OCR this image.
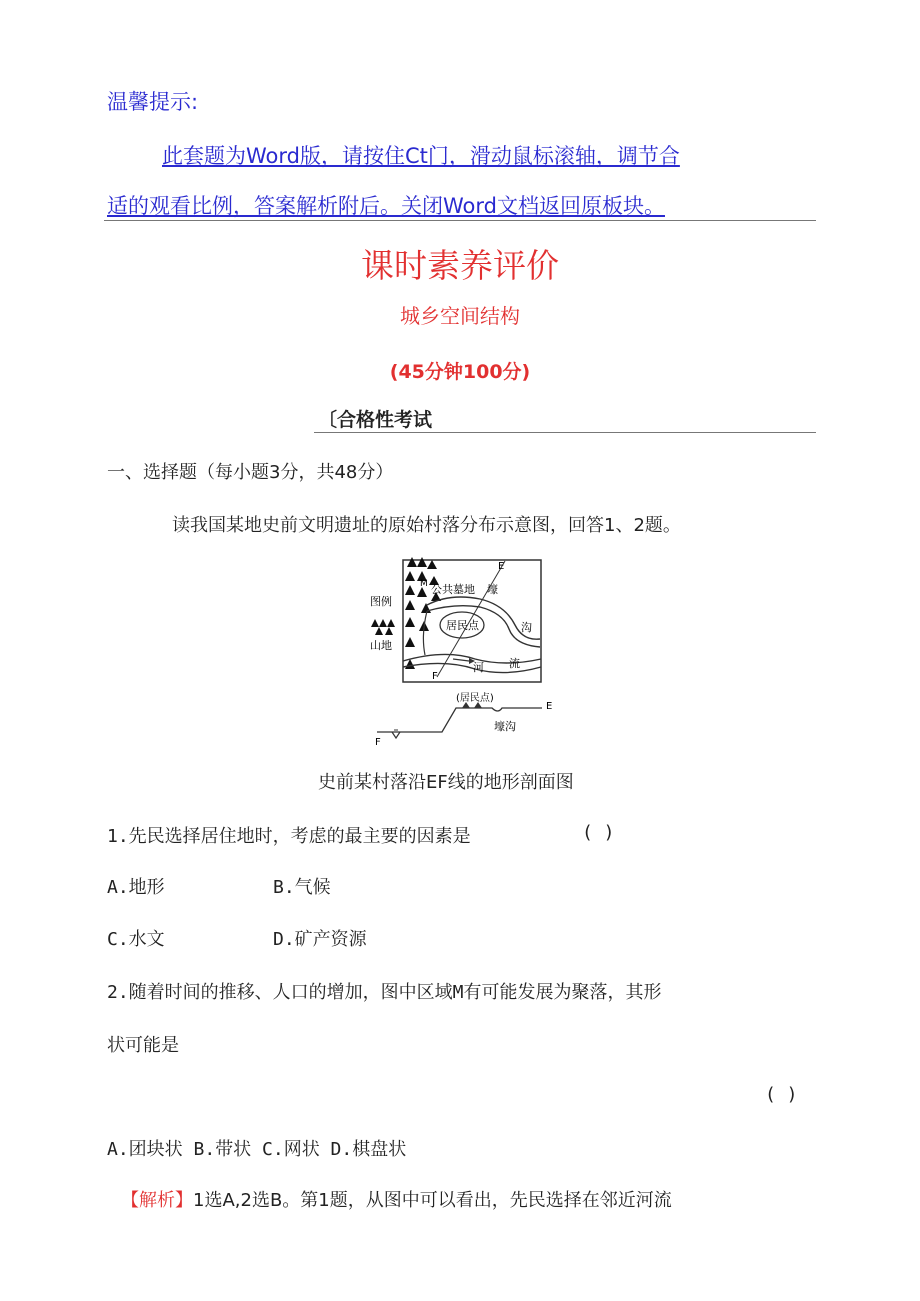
温馨提示:
此套题为Word版，请按住Ct门，滑动鼠标滚轴，调节合
适的观看比例，答案解析附后。关闭Word文档返回原板块。
课时素养评价
城乡空间结构
(45分钟100分)
〔合格性考试
一、选择题（每小题3分，共48分）
读我国某地史前文明遗址的原始村落分布示意图，回答1、2题。
E
F
M 公共墓地 壕
沟
居民点
河 流
图例
山地
(居民点)
E
F
壕沟
史前某村落沿EF线的地形剖面图
1.先民选择居住地时，考虑的最主要的因素是	( )
A.地形	B.气候
C.水文	D.矿产资源
2.随着时间的推移、人口的增加，图中区域M有可能发展为聚落，其形
状可能是
( )
A.团块状 B.带状 C.网状 D.棋盘状
【解析】1选A,2选B。第1题，从图中可以看出，先民选择在邻近河流
